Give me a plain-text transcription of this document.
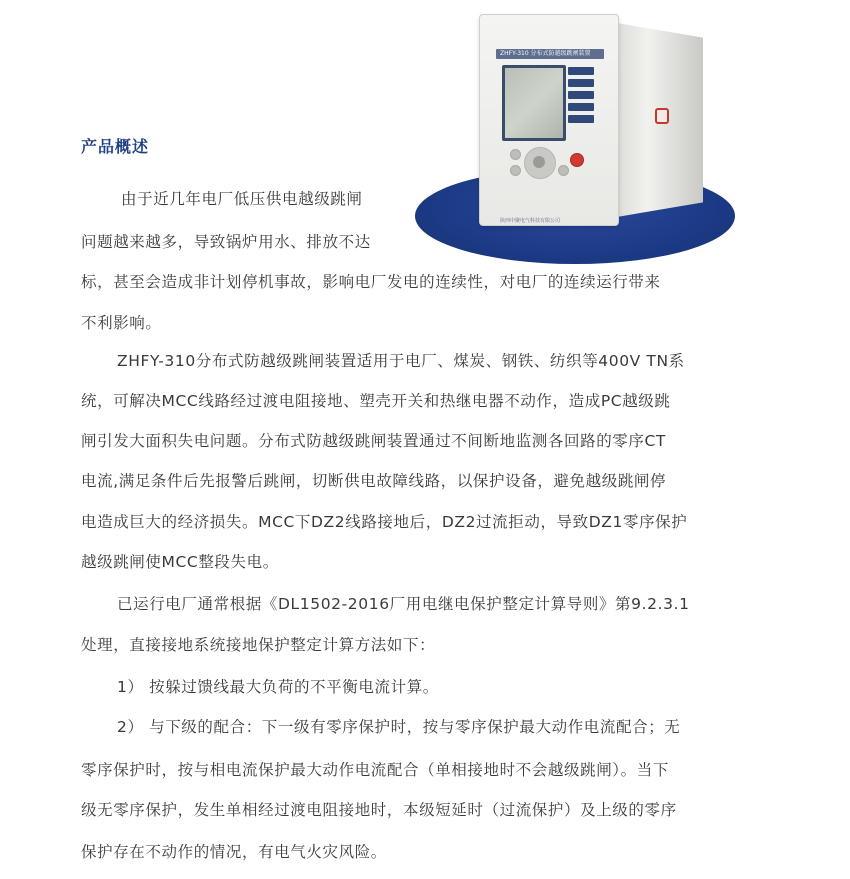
ZHFY-310 分布式防越级跳闸装置
陕西中聚电气科技有限公司
产品概述
由于近几年电厂低压供电越级跳闸
问题越来越多，导致锅炉用水、排放不达
标，甚至会造成非计划停机事故，影响电厂发电的连续性，对电厂的连续运行带来
不利影响。
ZHFY-310分布式防越级跳闸装置适用于电厂、煤炭、钢铁、纺织等400V TN系
统，可解决MCC线路经过渡电阻接地、塑壳开关和热继电器不动作，造成PC越级跳
闸引发大面积失电问题。分布式防越级跳闸装置通过不间断地监测各回路的零序CT
电流,满足条件后先报警后跳闸，切断供电故障线路，以保护设备，避免越级跳闸停
电造成巨大的经济损失。MCC下DZ2线路接地后，DZ2过流拒动，导致DZ1零序保护
越级跳闸使MCC整段失电。
已运行电厂通常根据《DL1502-2016厂用电继电保护整定计算导则》第9.2.3.1
处理，直接接地系统接地保护整定计算方法如下：
1） 按躲过馈线最大负荷的不平衡电流计算。
2） 与下级的配合：下一级有零序保护时，按与零序保护最大动作电流配合；无
零序保护时，按与相电流保护最大动作电流配合（单相接地时不会越级跳闸）。当下
级无零序保护，发生单相经过渡电阻接地时，本级短延时（过流保护）及上级的零序
保护存在不动作的情况，有电气火灾风险。
